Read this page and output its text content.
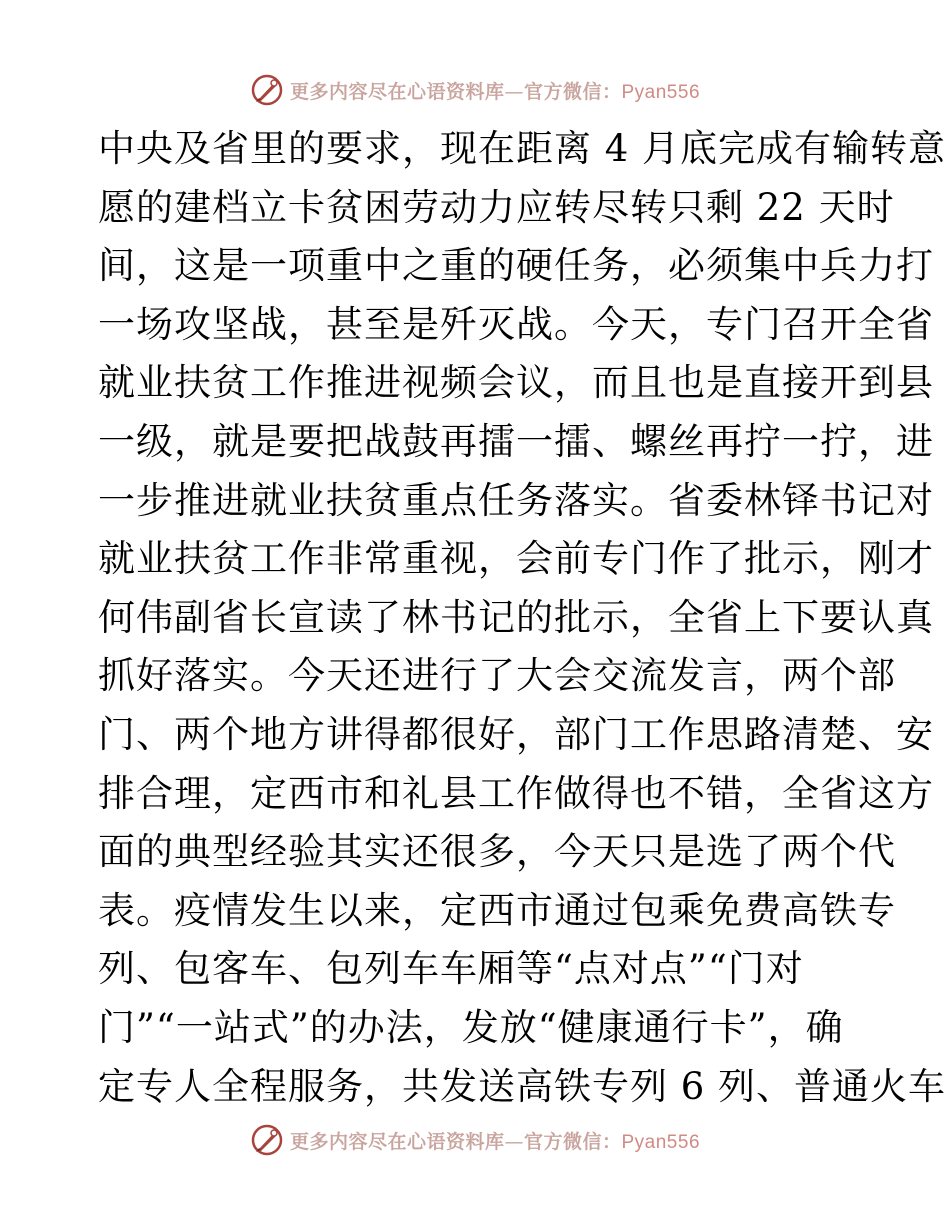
更多内容尽在心语资料库—官方微信：Pyan556
中央及省里的要求，现在距离 4 月底完成有输转意
愿的建档立卡贫困劳动力应转尽转只剩 22 天时
间，这是一项重中之重的硬任务，必须集中兵力打
一场攻坚战，甚至是歼灭战。今天，专门召开全省
就业扶贫工作推进视频会议，而且也是直接开到县
一级，就是要把战鼓再擂一擂、螺丝再拧一拧，进
一步推进就业扶贫重点任务落实。省委林铎书记对
就业扶贫工作非常重视，会前专门作了批示，刚才
何伟副省长宣读了林书记的批示，全省上下要认真
抓好落实。今天还进行了大会交流发言，两个部
门、两个地方讲得都很好，部门工作思路清楚、安
排合理，定西市和礼县工作做得也不错，全省这方
面的典型经验其实还很多，今天只是选了两个代
表。疫情发生以来，定西市通过包乘免费高铁专
列、包客车、包列车车厢等“点对点”“门对
门”“一站式”的办法，发放“健康通行卡”，确
定专人全程服务，共发送高铁专列 6 列、普通火车
更多内容尽在心语资料库—官方微信：Pyan556
